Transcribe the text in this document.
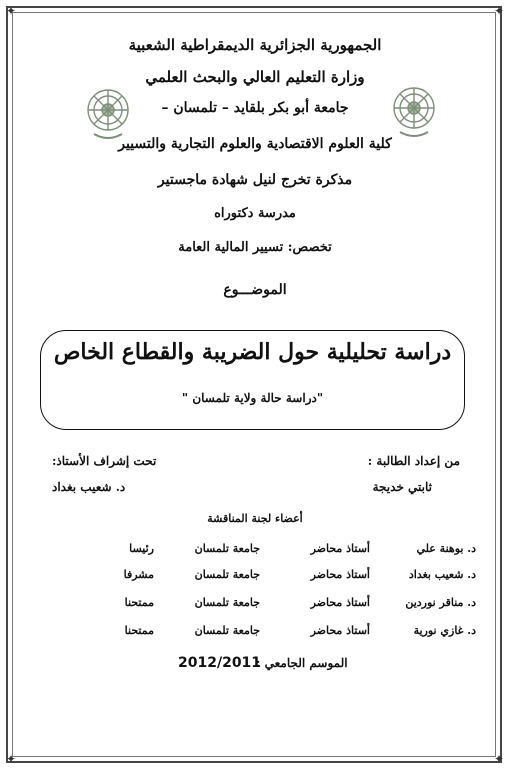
✦	✦
✦	✦
الجمهورية الجزائرية الديمقراطية الشعبية
وزارة التعليم العالي والبحث العلمي
جامعة أبو بكر بلقايد – تلمسان –
كلية العلوم الاقتصادية والعلوم التجارية والتسيير
مذكرة تخرج لنيل شهادة ماجستير
مدرسة دكتوراه
تخصص: تسيير المالية العامة
الموضـــوع
دراسة تحليلية حول الضريبة والقطاع الخاص
"دراسة حالة ولاية تلمسان "
من إعداد الطالبة :
ثابتي خديجة
تحت إشراف الأستاذ:
د. شعيب بغداد
أعضاء لجنة المناقشة
د. بوهنة علي
أستاذ محاضر
جامعة تلمسان
رئيسا
د. شعيب بغداد
أستاذ محاضر
جامعة تلمسان
مشرفا
د. مناقر نوردين
أستاذ محاضر
جامعة تلمسان
ممتحنا
د. غازي نورية
أستاذ محاضر
جامعة تلمسان
ممتحنا
الموسم الجامعي :
2012/2011
